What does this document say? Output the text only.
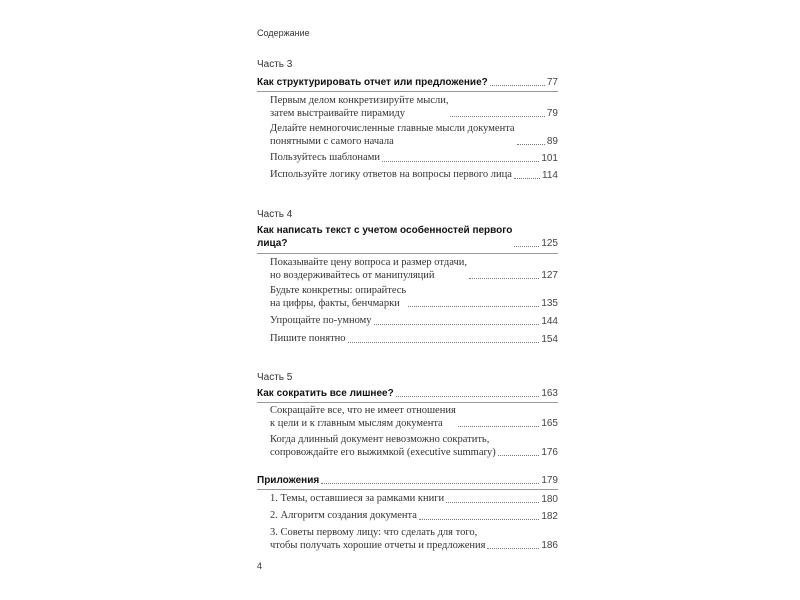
Содержание
Часть 3
Как структурировать отчет или предложение?	77
Первым делом конкретизируйте мысли,
затем выстраивайте пирамиду	79
Делайте немногочисленные главные мысли документа
понятными с самого начала	89
Пользуйтесь шаблонами	101
Используйте логику ответов на вопросы первого лица	114
Часть 4
Как написать текст с учетом особенностей первого
лица?	125
Показывайте цену вопроса и размер отдачи,
но воздерживайтесь от манипуляций	127
Будьте конкретны: опирайтесь
на цифры, факты, бенчмарки	135
Упрощайте по-умному	144
Пишите понятно	154
Часть 5
Как сократить все лишнее?	163
Сокращайте все, что не имеет отношения
к цели и к главным мыслям документа	165
Когда длинный документ невозможно сократить,
сопровождайте его выжимкой (executive summary)	176
Приложения	179
1. Темы, оставшиеся за рамками книги	180
2. Алгоритм создания документа	182
3. Советы первому лицу: что сделать для того,
чтобы получать хорошие отчеты и предложения	186
4
